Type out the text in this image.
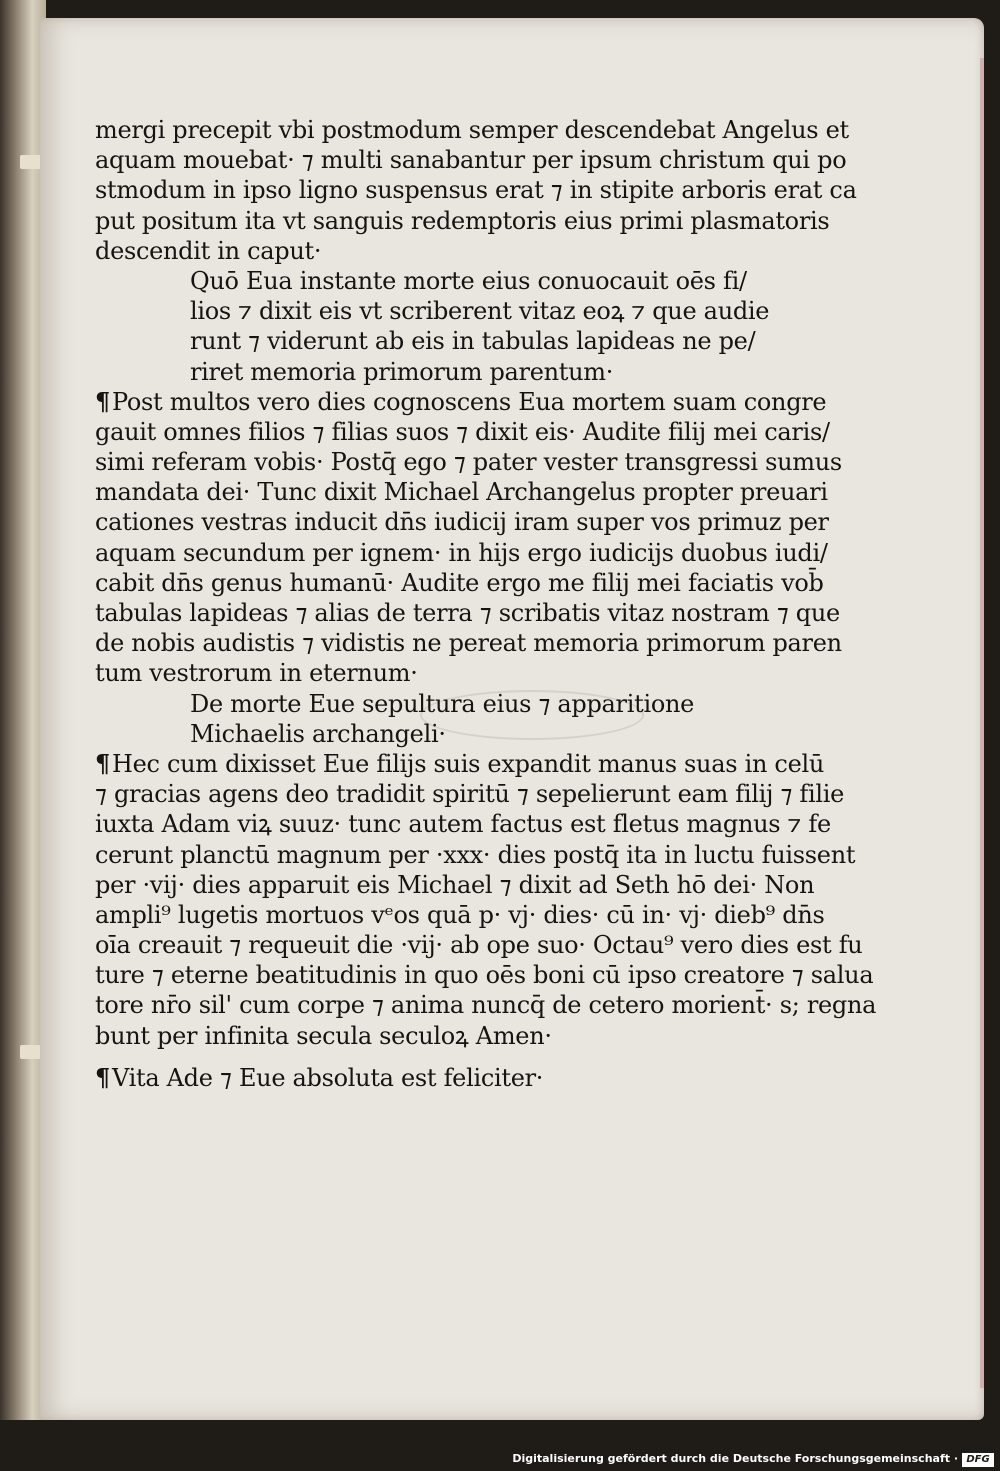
mergi precepit vbi postmodum semper descendebat Angelus et
aquam mouebat· ⁊ multi sanabantur per ipsum christum qui po
stmodum in ipso ligno suspensus erat ⁊ in stipite arboris erat ca
put positum ita vt sanguis redemptoris eius primi plasmatoris
descendit in caput·
Quō Eua instante morte eius conuocauit oēs fi/
lios ⁊ dixit eis vt scriberent vitaz eoꝝ ⁊ que audie
runt ⁊ viderunt ab eis in tabulas lapideas ne pe/
riret memoria primorum parentum·
¶Post multos vero dies cognoscens Eua mortem suam congre
gauit omnes filios ⁊ filias suos ⁊ dixit eis· Audite filij mei caris/
simi referam vobis· Postq̄ ego ⁊ pater vester transgressi sumus
mandata dei· Tunc dixit Michael Archangelus propter preuari
cationes vestras inducit dn̄s iudicij iram super vos primuz per
aquam secundum per ignem· in hijs ergo iudicijs duobus iudi/
cabit dn̄s genus humanū· Audite ergo me filij mei faciatis vob̄
tabulas lapideas ⁊ alias de terra ⁊ scribatis vitaz nostram ⁊ que
de nobis audistis ⁊ vidistis ne pereat memoria primorum paren
tum vestrorum in eternum·
De morte Eue sepultura eius ⁊ apparitione
Michaelis archangeli·
¶Hec cum dixisset Eue filijs suis expandit manus suas in celū
⁊ gracias agens deo tradidit spiritū ⁊ sepelierunt eam filij ⁊ filie
iuxta Adam viꝝ suuz· tunc autem factus est fletus magnus ⁊ fe
cerunt planctū magnum per ·xxx· dies postq̄ ita in luctu fuissent
per ·vij· dies apparuit eis Michael ⁊ dixit ad Seth hō dei· Non
ampli⁹ lugetis mortuos vᵉos quā p· vj· dies· cū in· vj· dieb⁹ dn̄s
oīa creauit ⁊ requeuit die ·vij· ab ope suo· Octau⁹ vero dies est fu
ture ⁊ eterne beatitudinis in quo oēs boni cū ipso creatore ⁊ salua
tore nr̄o sil' cum corpe ⁊ anima nuncq̄ de cetero morient̄· s; regna
bunt per infinita secula seculoꝝ Amen·
¶Vita Ade ⁊ Eue absoluta est feliciter·
Digitalisierung gefördert durch die Deutsche Forschungsgemeinschaft · DFG
